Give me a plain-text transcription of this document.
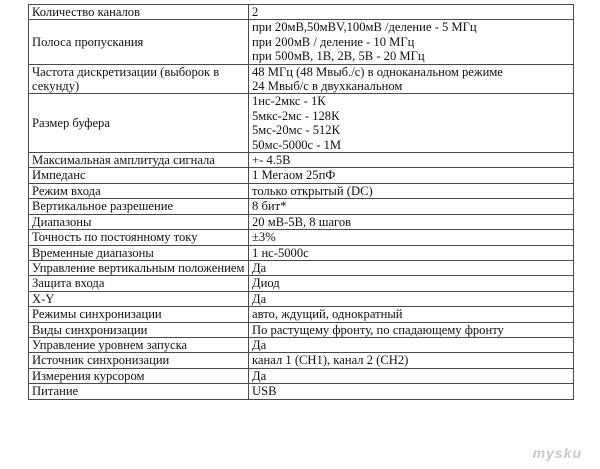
Количество каналов	2

Полоса пропускания	при 20мВ,50мBV,100мВ /деление - 5 МГц
при 200мВ / деление - 10 МГц
при 500мВ, 1В, 2В, 5В - 20 МГц

Частота дискретизации (выборок в секунду)	48 МГц (48 Мвыб./с) в одноканальном режиме
24 Мвыб/с в двухканальном

Размер буфера	1нс-2мкс - 1К
5мкс-2мс - 128К
5мс-20мс - 512К
50мс-5000с - 1М

Максимальная амплитуда сигнала	+- 4.5В

Импеданс	1 Мегаом 25пФ

Режим входа	только открытый (DC)

Вертикальное разрешение	8 бит*

Диапазоны	20 мВ-5В, 8 шагов

Точность по постоянному току	±3%

Временные диапазоны	1 нс-5000с

Управление вертикальным положением	Да

Защита входа	Диод

X-Y	Да

Режимы синхронизации	авто, ждущий, однократный

Виды синхронизации	По растущему фронту, по спадающему фронту

Управление уровнем запуска	Да

Источник синхронизации	канал 1 (CH1), канал 2 (CH2)

Измерения курсором	Да

Питание	USB
mysku
